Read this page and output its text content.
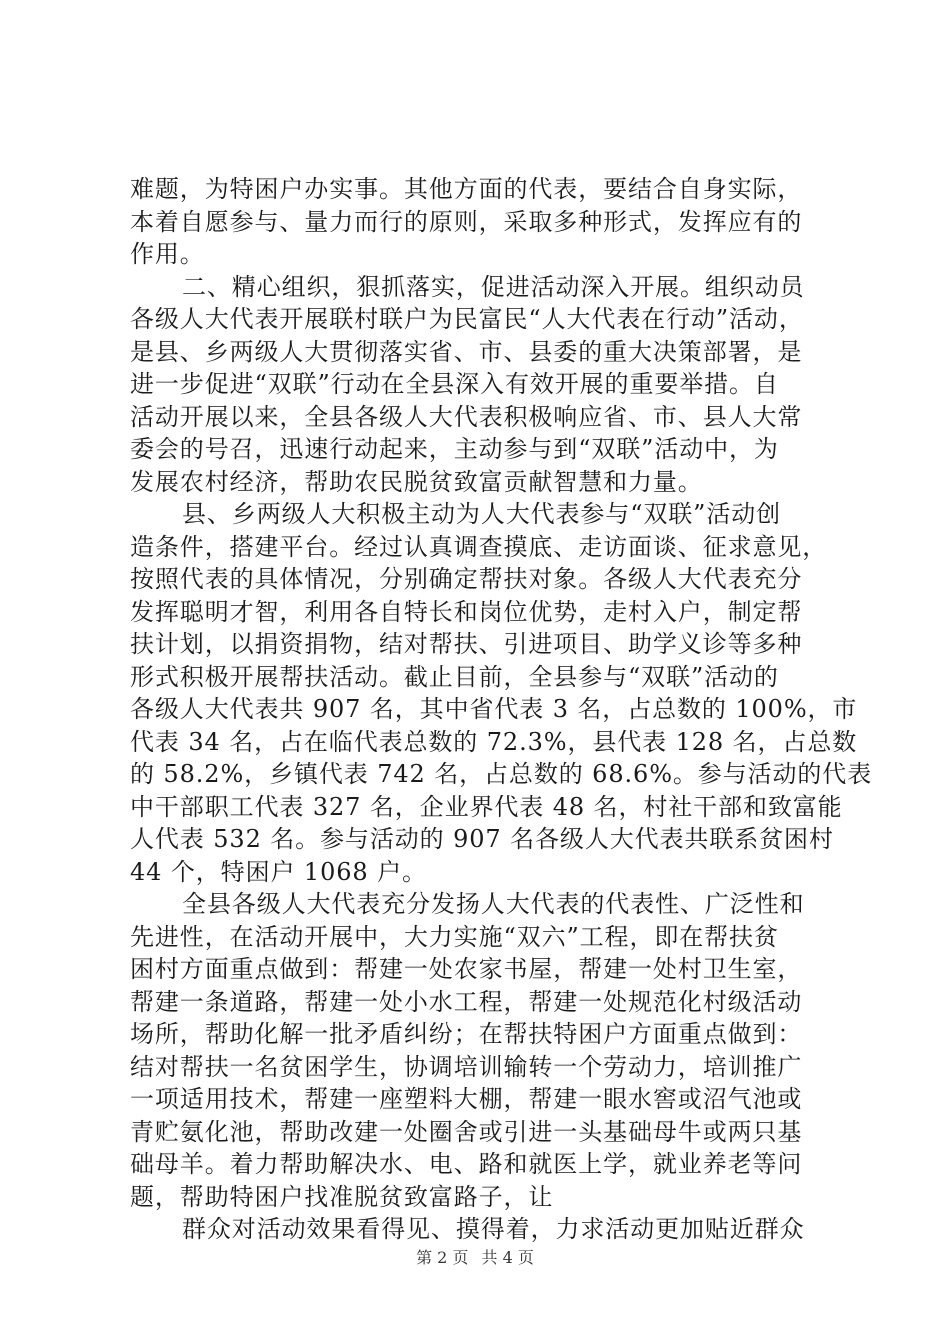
难题，为特困户办实事。其他方面的代表，要结合自身实际，
本着自愿参与、量力而行的原则，采取多种形式，发挥应有的
作用。
二、精心组织，狠抓落实，促进活动深入开展。组织动员
各级人大代表开展联村联户为民富民“人大代表在行动”活动，
是县、乡两级人大贯彻落实省、市、县委的重大决策部署，是
进一步促进“双联”行动在全县深入有效开展的重要举措。自
活动开展以来，全县各级人大代表积极响应省、市、县人大常
委会的号召，迅速行动起来，主动参与到“双联”活动中，为
发展农村经济，帮助农民脱贫致富贡献智慧和力量。
县、乡两级人大积极主动为人大代表参与“双联”活动创
造条件，搭建平台。经过认真调查摸底、走访面谈、征求意见，
按照代表的具体情况，分别确定帮扶对象。各级人大代表充分
发挥聪明才智，利用各自特长和岗位优势，走村入户，制定帮
扶计划，以捐资捐物，结对帮扶、引进项目、助学义诊等多种
形式积极开展帮扶活动。截止目前，全县参与“双联”活动的
各级人大代表共 907 名，其中省代表 3 名，占总数的 100%，市
代表 34 名，占在临代表总数的 72.3%，县代表 128 名，占总数
的 58.2%，乡镇代表 742 名，占总数的 68.6%。参与活动的代表
中干部职工代表 327 名，企业界代表 48 名，村社干部和致富能
人代表 532 名。参与活动的 907 名各级人大代表共联系贫困村
44 个，特困户 1068 户。
全县各级人大代表充分发扬人大代表的代表性、广泛性和
先进性，在活动开展中，大力实施“双六”工程，即在帮扶贫
困村方面重点做到：帮建一处农家书屋，帮建一处村卫生室，
帮建一条道路，帮建一处小水工程，帮建一处规范化村级活动
场所，帮助化解一批矛盾纠纷；在帮扶特困户方面重点做到：
结对帮扶一名贫困学生，协调培训输转一个劳动力，培训推广
一项适用技术，帮建一座塑料大棚，帮建一眼水窖或沼气池或
青贮氨化池，帮助改建一处圈舍或引进一头基础母牛或两只基
础母羊。着力帮助解决水、电、路和就医上学，就业养老等问
题，帮助特困户找准脱贫致富路子，让
群众对活动效果看得见、摸得着，力求活动更加贴近群众
第 2 页 共 4 页
